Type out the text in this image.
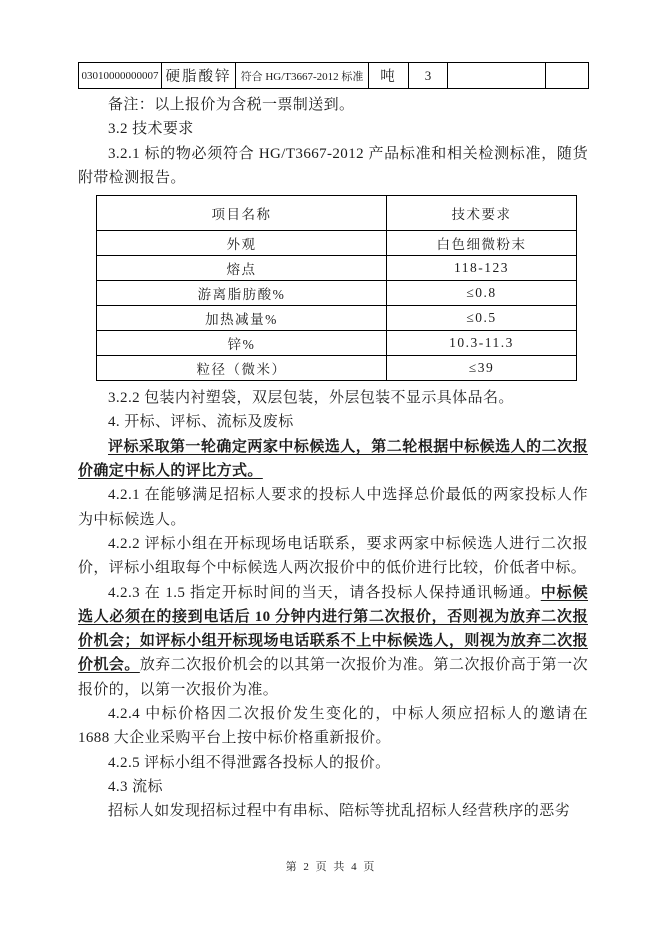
03010000000007	硬脂酸锌	符合 HG/T3667-2012 标准	吨	3		

备注：以上报价为含税一票制送到。

3.2 技术要求

3.2.1 标的物必须符合 HG/T3667-2012 产品标准和相关检测标准，随货附带检测报告。

项目名称	技术要求
外观	白色细微粉末
熔点	118-123
游离脂肪酸%	≤0.8
加热减量%	≤0.5
锌%	10.3-11.3
粒径（微米）	≤39

3.2.2 包装内衬塑袋，双层包装，外层包装不显示具体品名。

4. 开标、评标、流标及废标

评标采取第一轮确定两家中标候选人，第二轮根据中标候选人的二次报价确定中标人的评比方式。

4.2.1 在能够满足招标人要求的投标人中选择总价最低的两家投标人作为中标候选人。

4.2.2 评标小组在开标现场电话联系，要求两家中标候选人进行二次报价，评标小组取每个中标候选人两次报价中的低价进行比较，价低者中标。

4.2.3 在 1.5 指定开标时间的当天，请各投标人保持通讯畅通。中标候选人必须在的接到电话后 10 分钟内进行第二次报价，否则视为放弃二次报价机会；如评标小组开标现场电话联系不上中标候选人，则视为放弃二次报价机会。放弃二次报价机会的以其第一次报价为准。第二次报价高于第一次报价的，以第一次报价为准。

4.2.4 中标价格因二次报价发生变化的，中标人须应招标人的邀请在 1688 大企业采购平台上按中标价格重新报价。

4.2.5 评标小组不得泄露各投标人的报价。

4.3 流标

招标人如发现招标过程中有串标、陪标等扰乱招标人经营秩序的恶劣

第 2 页 共 4 页
